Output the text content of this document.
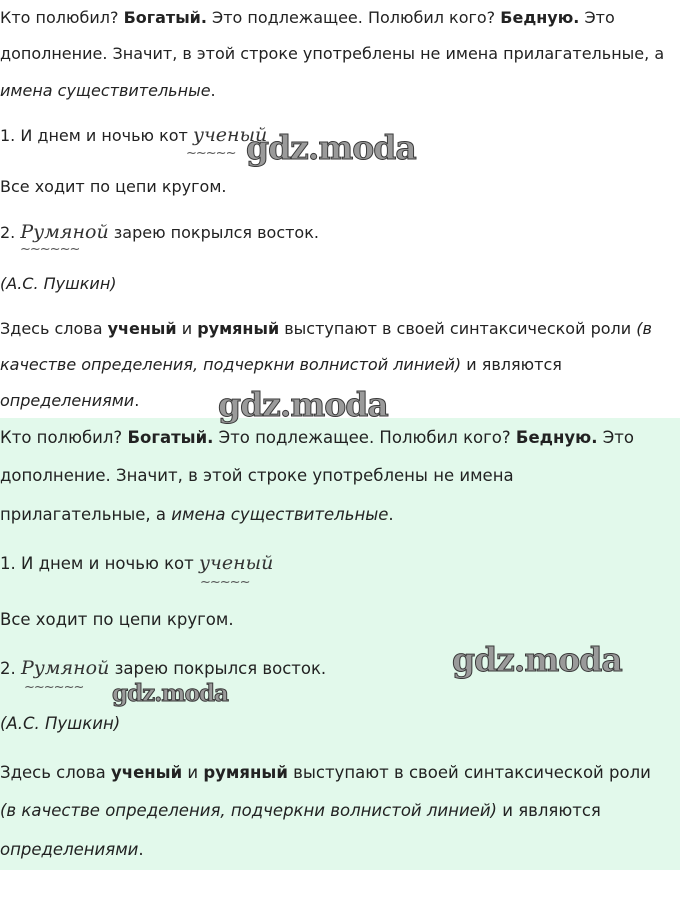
Кто полюбил? Богатый. Это подлежащее. Полюбил кого? Бедную. Это
дополнение. Значит, в этой строке употреблены не имена прилагательные, а
имена существительные.
1. И днем и ночью кот ученый
~~~~~
Все ходит по цепи кругом.
2. Румяной зарею покрылся восток.
~~~~~~
(А.С. Пушкин)
Здесь слова ученый и румяный выступают в своей синтаксической роли (в
качестве определения, подчеркни волнистой линией) и являются
определениями.
Кто полюбил? Богатый. Это подлежащее. Полюбил кого? Бедную. Это
дополнение. Значит, в этой строке употреблены не имена
прилагательные, а имена существительные.
1. И днем и ночью кот ученый
~~~~~
Все ходит по цепи кругом.
2. Румяной зарею покрылся восток.
~~~~~~
(А.С. Пушкин)
Здесь слова ученый и румяный выступают в своей синтаксической роли
(в качестве определения, подчеркни волнистой линией) и являются
определениями.
gdz.moda
gdz.moda
gdz.moda
gdz.moda
